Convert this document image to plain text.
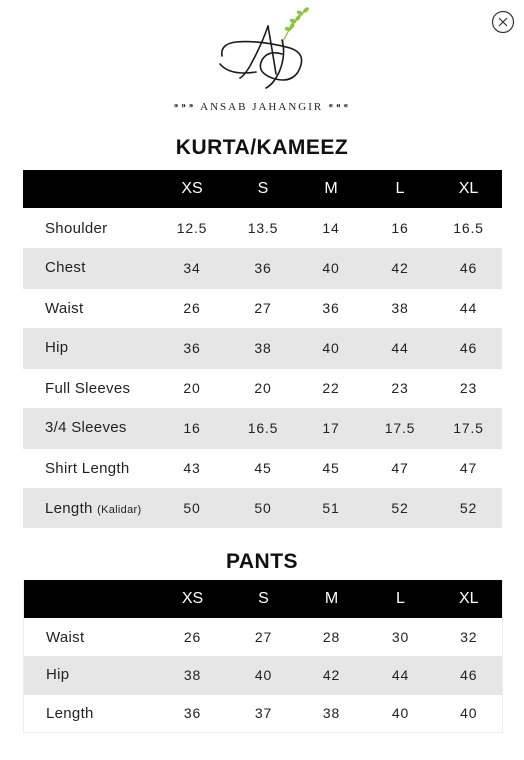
⁍⁍⁍ ANSAB JAHANGIR ⁌⁌⁌
KURTA/KAMEEZ
	XS	S	M	L	XL
Shoulder	12.5	13.5	14	16	16.5
Chest	34	36	40	42	46
Waist	26	27	36	38	44
Hip	36	38	40	44	46
Full Sleeves	20	20	22	23	23
3/4 Sleeves	16	16.5	17	17.5	17.5
Shirt Length	43	45	45	47	47
Length (Kalidar)	50	50	51	52	52
PANTS
	XS	S	M	L	XL
Waist	26	27	28	30	32
Hip	38	40	42	44	46
Length	36	37	38	40	40
